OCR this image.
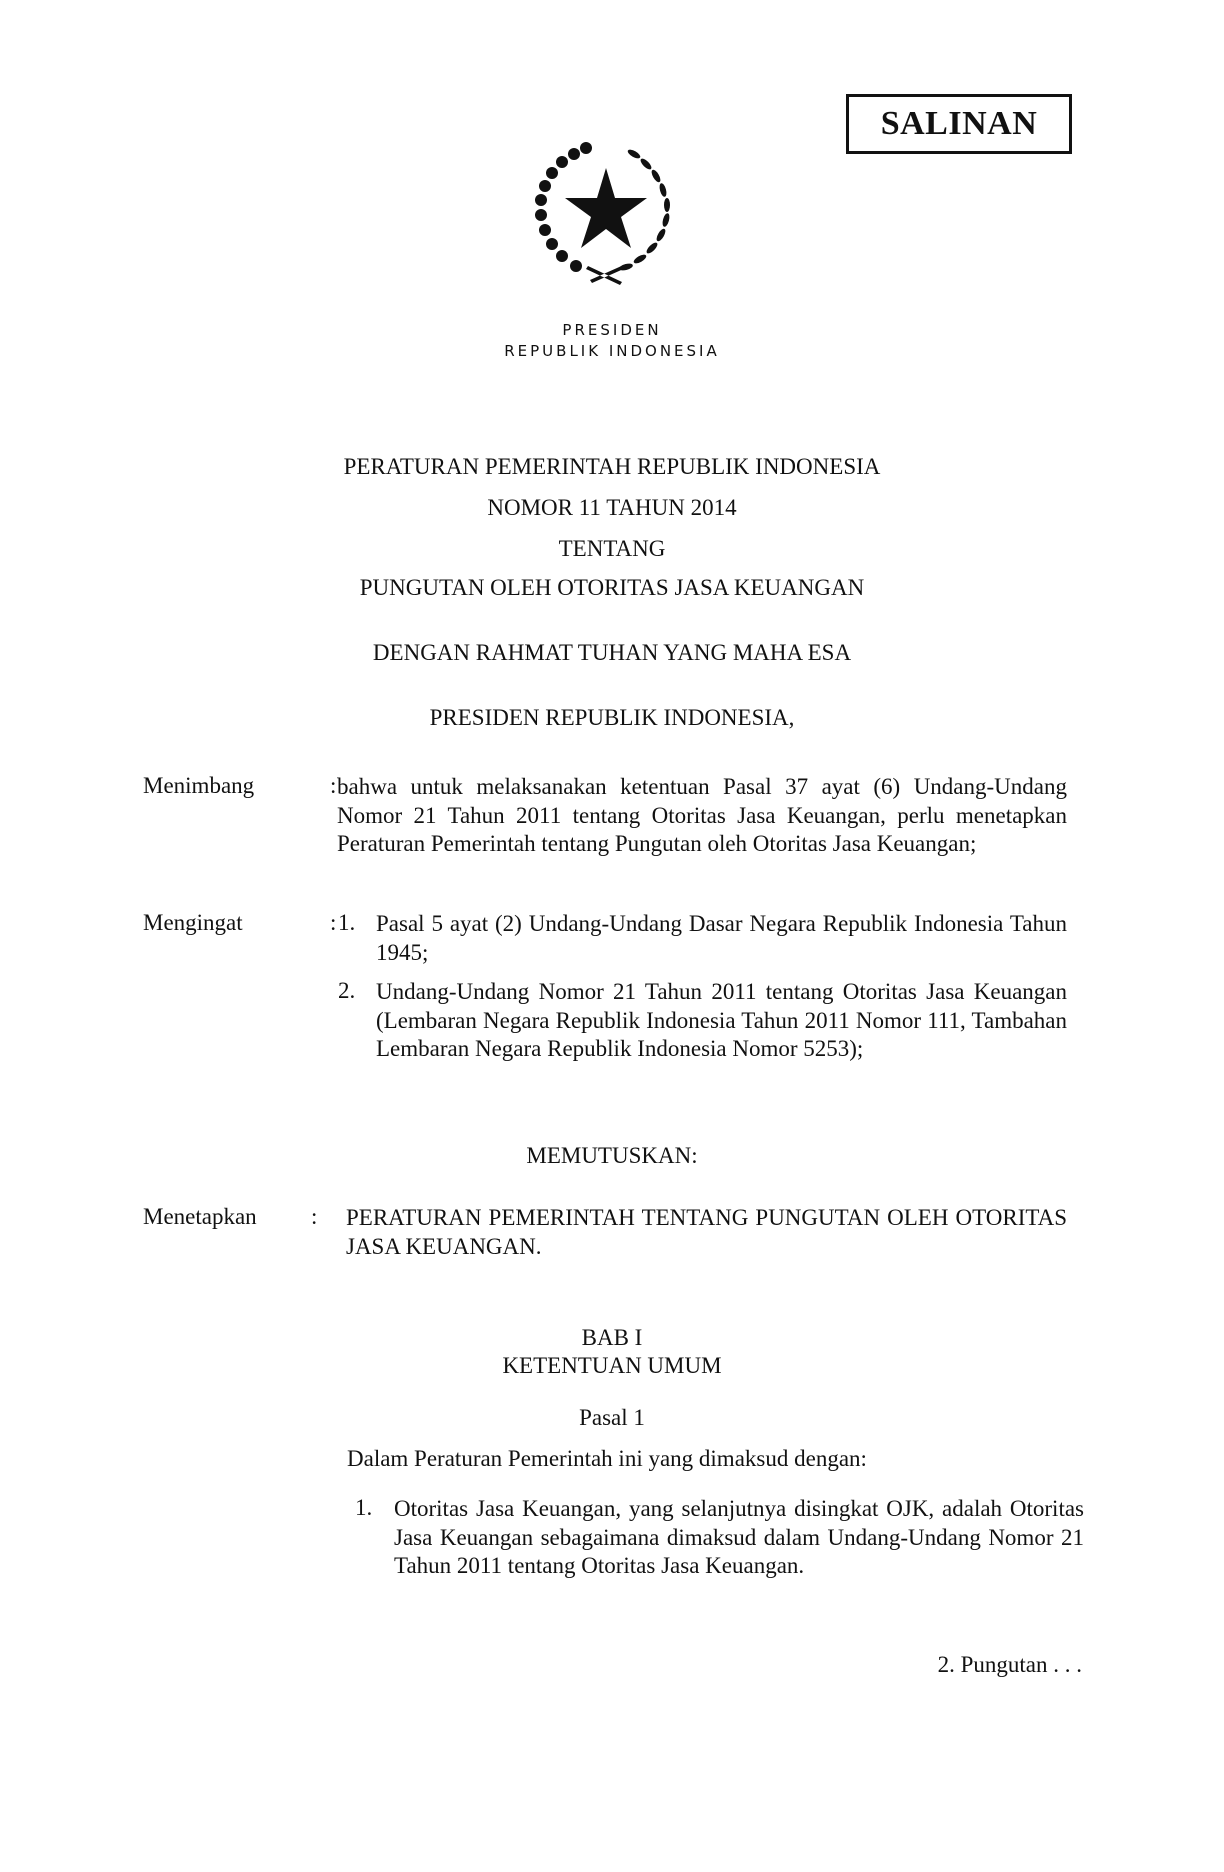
SALINAN
PRESIDEN
REPUBLIK INDONESIA
PERATURAN PEMERINTAH REPUBLIK INDONESIA
NOMOR 11 TAHUN 2014
TENTANG
PUNGUTAN OLEH OTORITAS JASA KEUANGAN
DENGAN RAHMAT TUHAN YANG MAHA ESA
PRESIDEN REPUBLIK INDONESIA,
Menimbang	: bahwa untuk melaksanakan ketentuan Pasal 37 ayat (6) Undang-Undang Nomor 21 Tahun 2011 tentang Otoritas Jasa Keuangan, perlu menetapkan Peraturan Pemerintah tentang Pungutan oleh Otoritas Jasa Keuangan;
Mengingat	: 1. Pasal 5 ayat (2) Undang-Undang Dasar Negara Republik Indonesia Tahun 1945;
2. Undang-Undang Nomor 21 Tahun 2011 tentang Otoritas Jasa Keuangan (Lembaran Negara Republik Indonesia Tahun 2011 Nomor 111, Tambahan Lembaran Negara Republik Indonesia Nomor 5253);
MEMUTUSKAN:
Menetapkan : PERATURAN PEMERINTAH TENTANG PUNGUTAN OLEH OTORITAS JASA KEUANGAN.
BAB I
KETENTUAN UMUM
Pasal 1
Dalam Peraturan Pemerintah ini yang dimaksud dengan:
1. Otoritas Jasa Keuangan, yang selanjutnya disingkat OJK, adalah Otoritas Jasa Keuangan sebagaimana dimaksud dalam Undang-Undang Nomor 21 Tahun 2011 tentang Otoritas Jasa Keuangan.
2. Pungutan . . .
